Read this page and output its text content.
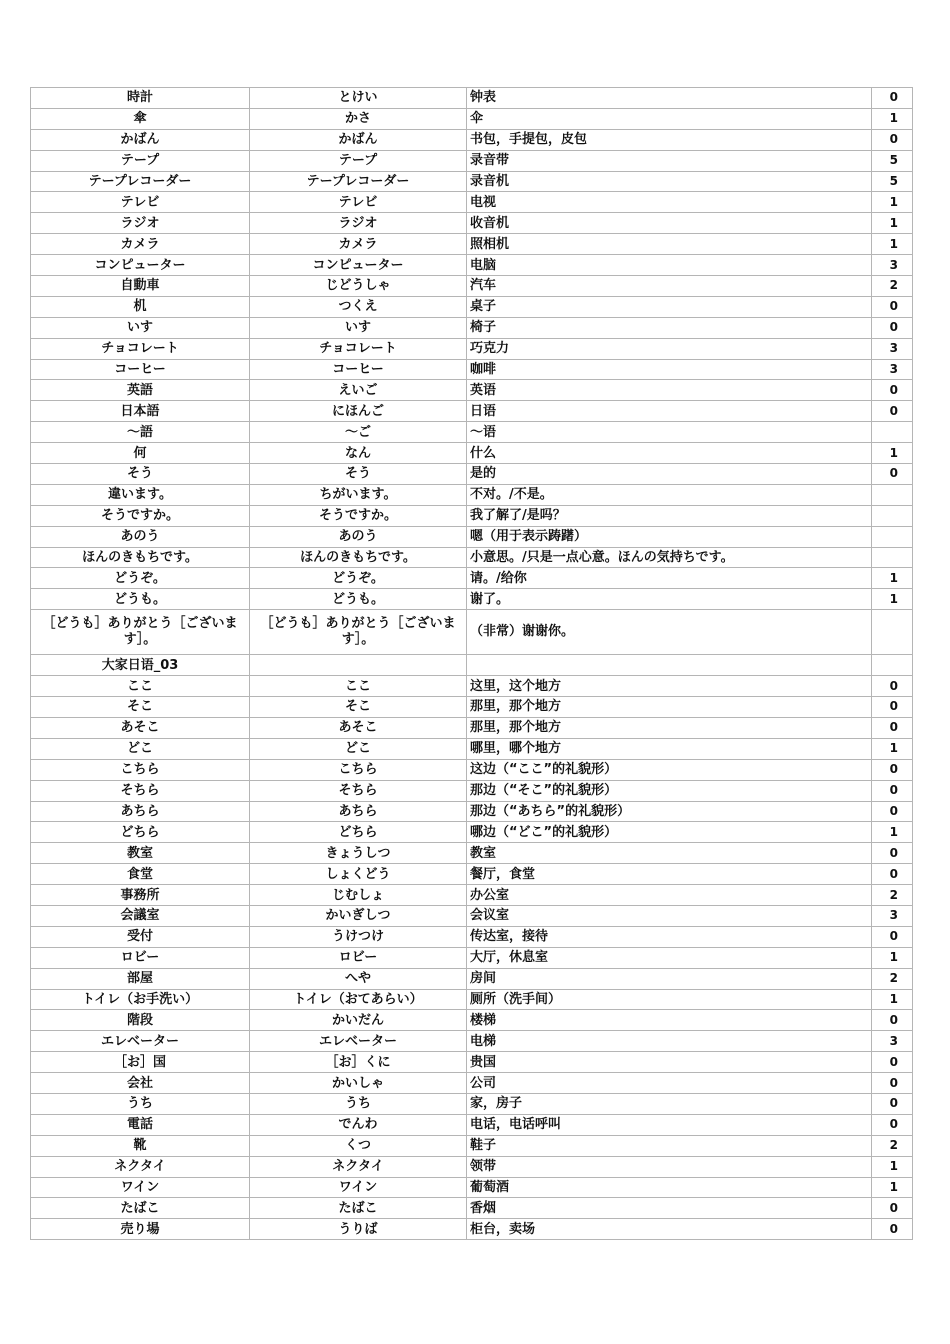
時計	とけい	钟表	0
傘	かさ	伞	1
かばん	かばん	书包，手提包，皮包	0
テープ	テープ	录音带	5
テープレコーダー	テープレコーダー	录音机	5
テレビ	テレビ	电视	1
ラジオ	ラジオ	收音机	1
カメラ	カメラ	照相机	1
コンピューター	コンピューター	电脑	3
自動車	じどうしゃ	汽车	2
机	つくえ	桌子	0
いす	いす	椅子	0
チョコレート	チョコレート	巧克力	3
コーヒー	コーヒー	咖啡	3
英語	えいご	英语	0
日本語	にほんご	日语	0
～語	～ご	～语	
何	なん	什么	1
そう	そう	是的	0
違います。	ちがいます。	不对。/不是。	
そうですか。	そうですか。	我了解了/是吗？	
あのう	あのう	嗯（用于表示踌躇）	
ほんのきもちです。	ほんのきもちです。	小意思。/只是一点心意。ほんの気持ちです。	
どうぞ。	どうぞ。	请。/给你	1
どうも。	どうも。	谢了。	1
［どうも］ありがとう［ございます］。	［どうも］ありがとう［ございます］。	（非常）谢谢你。	
大家日语_03			
ここ	ここ	这里，这个地方	0
そこ	そこ	那里，那个地方	0
あそこ	あそこ	那里，那个地方	0
どこ	どこ	哪里，哪个地方	1
こちら	こちら	这边（“ここ”的礼貌形）	0
そちら	そちら	那边（“そこ”的礼貌形）	0
あちら	あちら	那边（“あちら”的礼貌形）	0
どちら	どちら	哪边（“どこ”的礼貌形）	1
教室	きょうしつ	教室	0
食堂	しょくどう	餐厅，食堂	0
事務所	じむしょ	办公室	2
会議室	かいぎしつ	会议室	3
受付	うけつけ	传达室，接待	0
ロビー	ロビー	大厅，休息室	1
部屋	へや	房间	2
トイレ（お手洗い）	トイレ（おてあらい）	厕所（洗手间）	1
階段	かいだん	楼梯	0
エレベーター	エレベーター	电梯	3
［お］国	［お］くに	贵国	0
会社	かいしゃ	公司	0
うち	うち	家，房子	0
電話	でんわ	电话，电话呼叫	0
靴	くつ	鞋子	2
ネクタイ	ネクタイ	领带	1
ワイン	ワイン	葡萄酒	1
たばこ	たばこ	香烟	0
売り場	うりば	柜台，卖场	0
